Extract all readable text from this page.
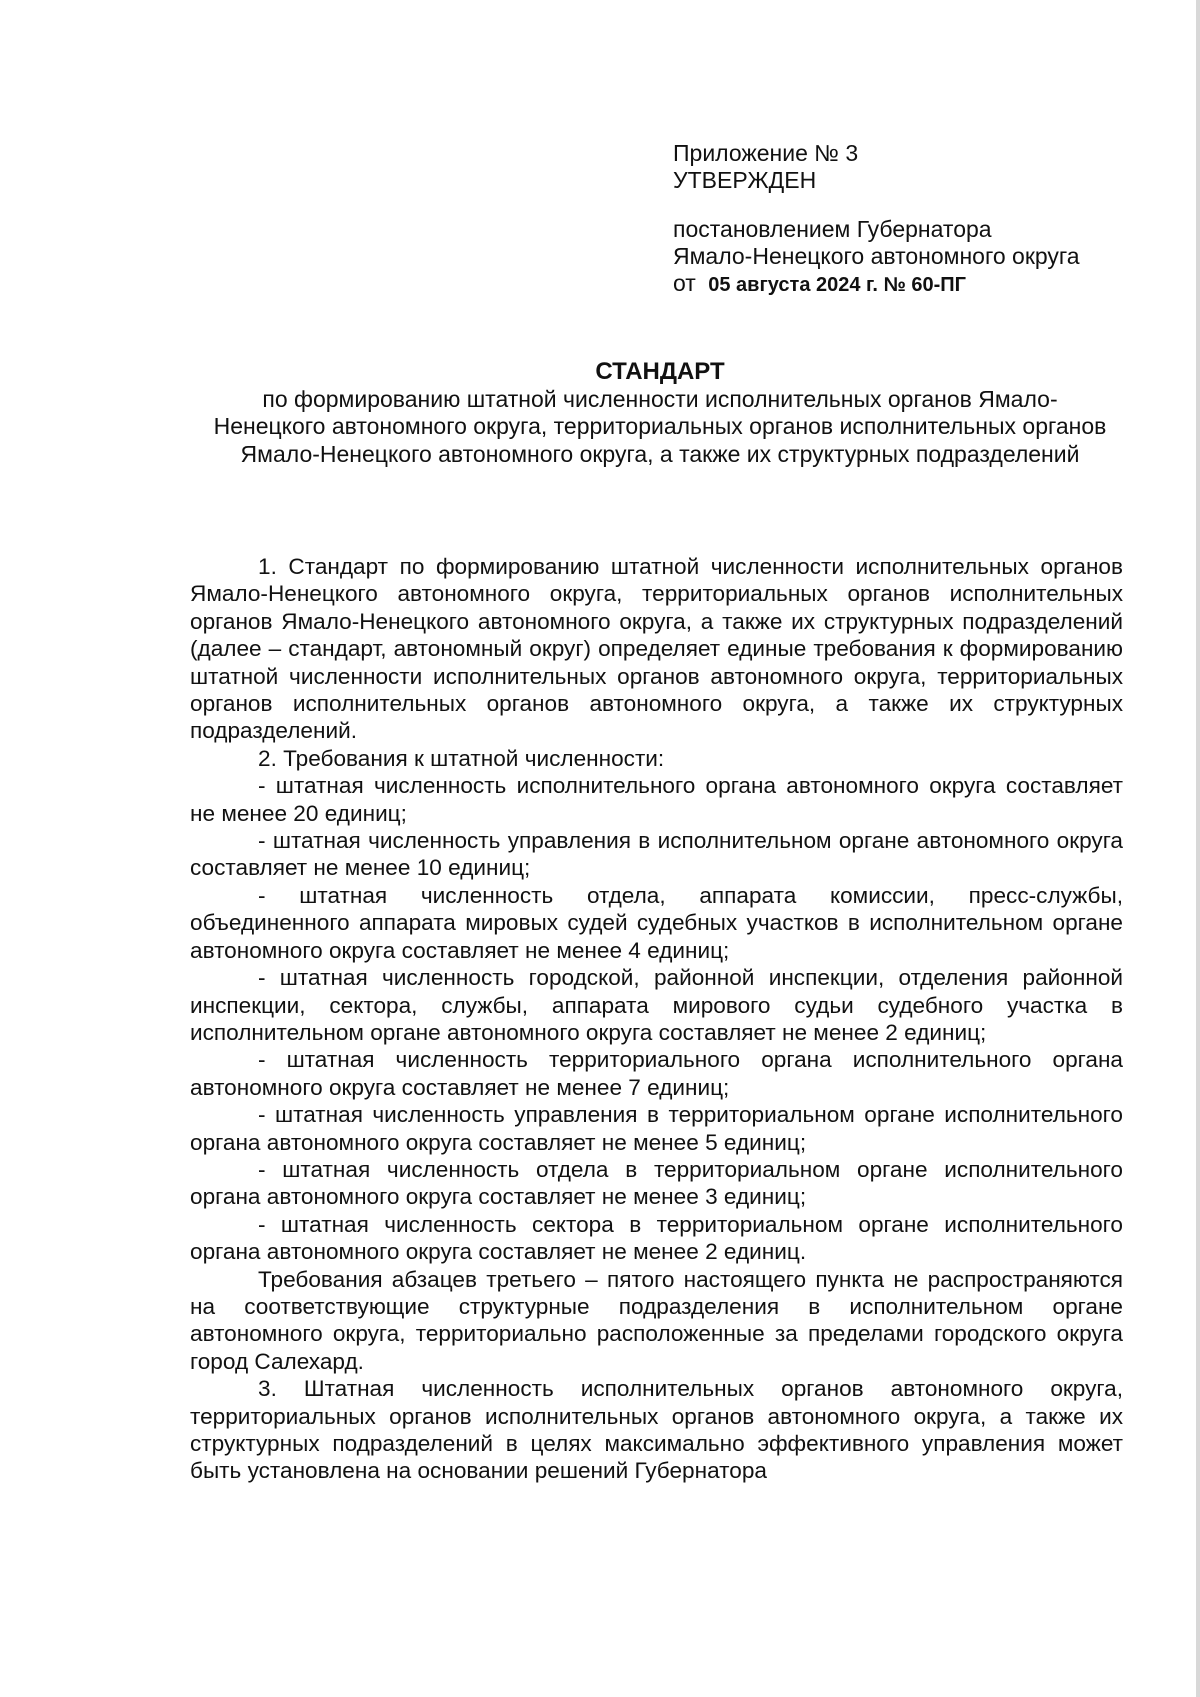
Приложение № 3
УТВЕРЖДЕН
постановлением Губернатора
Ямало-Ненецкого автономного округа
от 05 августа 2024 г. № 60-ПГ
СТАНДАРТ
по формированию штатной численности исполнительных органов Ямало-Ненецкого автономного округа, территориальных органов исполнительных органов Ямало-Ненецкого автономного округа, а также их структурных подразделений

1. Стандарт по формированию штатной численности исполнительных органов Ямало-Ненецкого автономного округа, территориальных органов исполнительных органов Ямало-Ненецкого автономного округа, а также их структурных подразделений (далее – стандарт, автономный округ) определяет единые требования к формированию штатной численности исполнительных органов автономного округа, территориальных органов исполнительных органов автономного округа, а также их структурных подразделений.

2. Требования к штатной численности:

- штатная численность исполнительного органа автономного округа составляет не менее 20 единиц;

- штатная численность управления в исполнительном органе автономного округа составляет не менее 10 единиц;

- штатная численность отдела, аппарата комиссии, пресс-службы, объединенного аппарата мировых судей судебных участков в исполнительном органе автономного округа составляет не менее 4 единиц;

- штатная численность городской, районной инспекции, отделения районной инспекции, сектора, службы, аппарата мирового судьи судебного участка в исполнительном органе автономного округа составляет не менее 2 единиц;

- штатная численность территориального органа исполнительного органа автономного округа составляет не менее 7 единиц;

- штатная численность управления в территориальном органе исполнительного органа автономного округа составляет не менее 5 единиц;

- штатная численность отдела в территориальном органе исполнительного органа автономного округа составляет не менее 3 единиц;

- штатная численность сектора в территориальном органе исполнительного органа автономного округа составляет не менее 2 единиц.

Требования абзацев третьего – пятого настоящего пункта не распространяются на соответствующие структурные подразделения в исполнительном органе автономного округа, территориально расположенные за пределами городского округа город Салехард.

3. Штатная численность исполнительных органов автономного округа, территориальных органов исполнительных органов автономного округа, а также их структурных подразделений в целях максимально эффективного управления может быть установлена на основании решений Губернатора
